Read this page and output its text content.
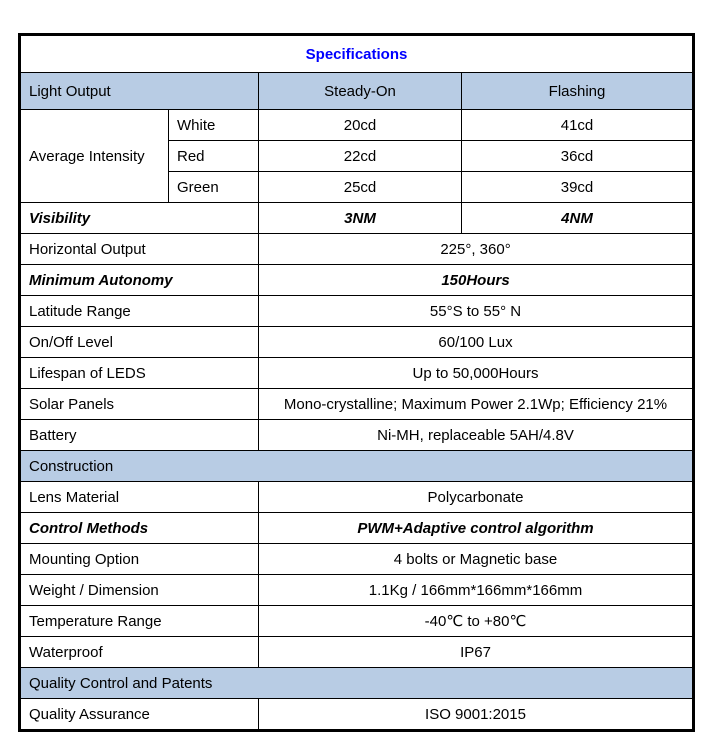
Specifications			
Light Output		Steady-On	Flashing
Average Intensity	White	20cd	41cd
	Red	22cd	36cd
	Green	25cd	39cd
Visibility		3NM	4NM
Horizontal Output		225°, 360°	
Minimum Autonomy		150Hours	
Latitude Range		55°S to 55° N	
On/Off Level		60/100 Lux	
Lifespan of LEDS		Up to 50,000Hours	
Solar Panels		Mono-crystalline; Maximum Power 2.1Wp; Efficiency 21%	
Battery		Ni-MH, replaceable 5AH/4.8V	
Construction			
Lens Material		Polycarbonate	
Control Methods		PWM+Adaptive control algorithm	
Mounting Option		4 bolts or Magnetic base	
Weight / Dimension		1.1Kg / 166mm*166mm*166mm	
Temperature Range		-40℃ to +80℃	
Waterproof		IP67	
Quality Control and Patents			
Quality Assurance		ISO 9001:2015	
